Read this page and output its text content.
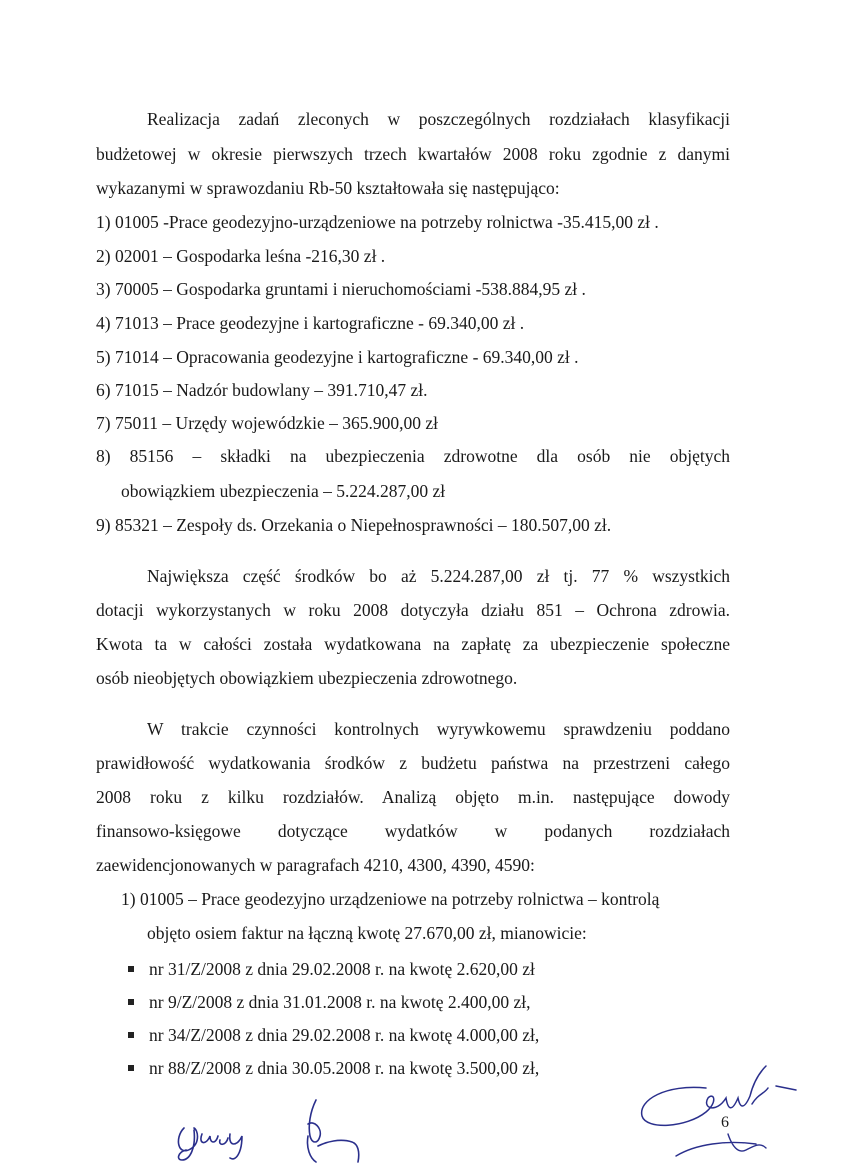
Realizacja zadań zleconych w poszczególnych rozdziałach klasyfikacji
budżetowej w okresie pierwszych trzech kwartałów 2008 roku zgodnie z danymi
wykazanymi w sprawozdaniu Rb-50 kształtowała się następująco:
1) 01005 -Prace geodezyjno-urządzeniowe na potrzeby rolnictwa -35.415,00 zł .
2) 02001 – Gospodarka leśna -216,30 zł .
3) 70005 – Gospodarka gruntami i nieruchomościami -538.884,95 zł .
4) 71013 – Prace geodezyjne i kartograficzne - 69.340,00 zł .
5) 71014 – Opracowania geodezyjne i kartograficzne - 69.340,00 zł .
6) 71015 – Nadzór budowlany – 391.710,47 zł.
7) 75011 – Urzędy wojewódzkie – 365.900,00 zł
8) 85156 – składki na ubezpieczenia zdrowotne dla osób nie objętych
obowiązkiem ubezpieczenia – 5.224.287,00 zł
9) 85321 – Zespoły ds. Orzekania o Niepełnosprawności – 180.507,00 zł.
Największa część środków bo aż 5.224.287,00 zł tj. 77 % wszystkich
dotacji wykorzystanych w roku 2008 dotyczyła działu 851 – Ochrona zdrowia.
Kwota ta w całości została wydatkowana na zapłatę za ubezpieczenie społeczne
osób nieobjętych obowiązkiem ubezpieczenia zdrowotnego.
W trakcie czynności kontrolnych wyrywkowemu sprawdzeniu poddano
prawidłowość wydatkowania środków z budżetu państwa na przestrzeni całego
2008 roku z kilku rozdziałów. Analizą objęto m.in. następujące dowody
finansowo-księgowe dotyczące wydatków w podanych rozdziałach
zaewidencjonowanych w paragrafach 4210, 4300, 4390, 4590:
1) 01005 – Prace geodezyjno urządzeniowe na potrzeby rolnictwa – kontrolą
objęto osiem faktur na łączną kwotę 27.670,00 zł, mianowicie:
nr 31/Z/2008 z dnia 29.02.2008 r. na kwotę 2.620,00 zł
nr 9/Z/2008 z dnia 31.01.2008 r. na kwotę 2.400,00 zł,
nr 34/Z/2008 z dnia 29.02.2008 r. na kwotę 4.000,00 zł,
nr 88/Z/2008 z dnia 30.05.2008 r. na kwotę 3.500,00 zł,
6
